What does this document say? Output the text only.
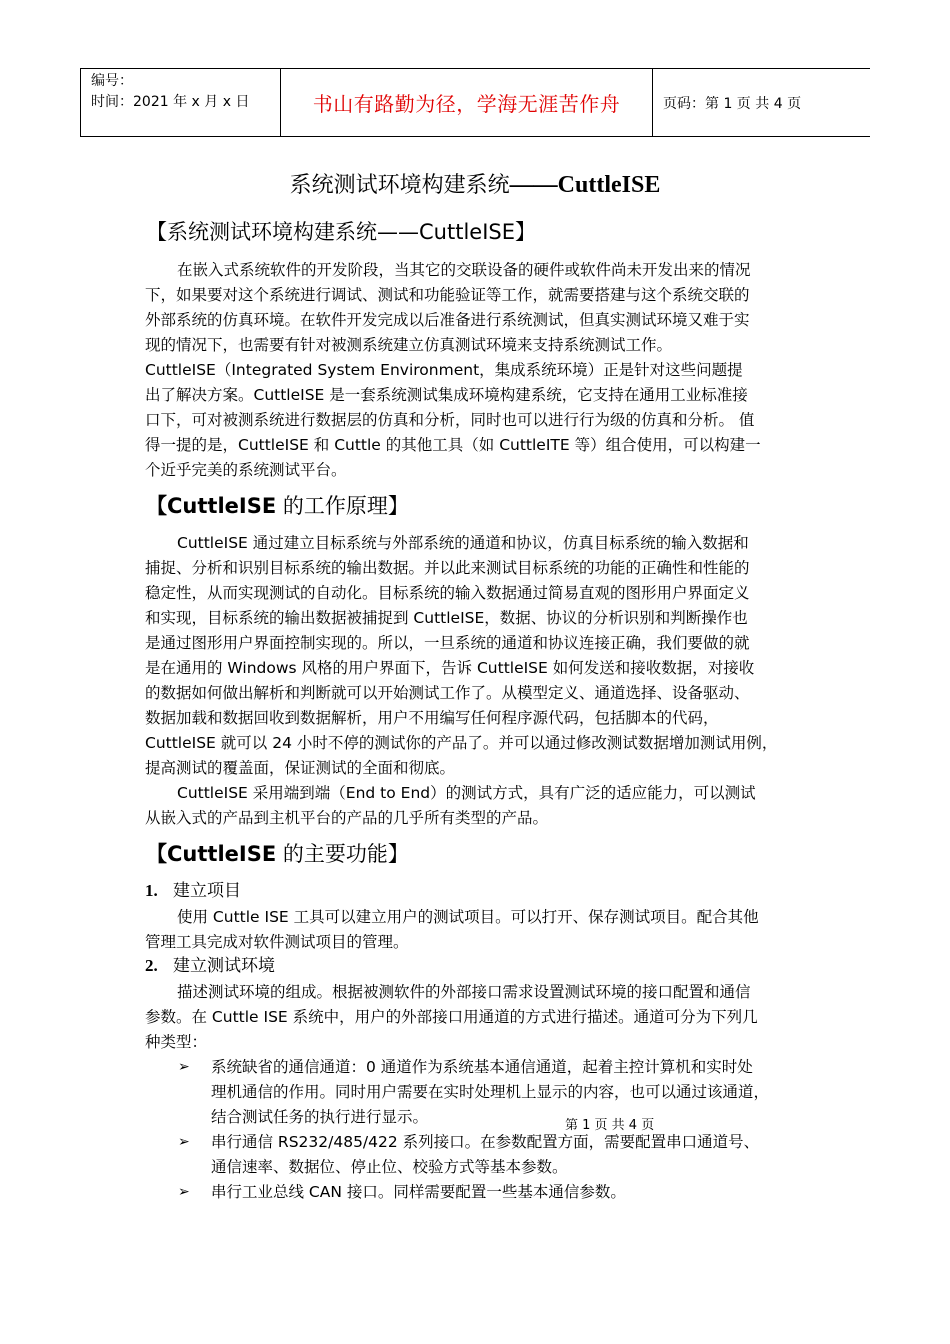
编号：
时间：2021 年 x 月 x 日	书山有路勤为径，学海无涯苦作舟	页码：第 1 页 共 4 页
系统测试环境构建系统——CuttleISE
【系统测试环境构建系统——CuttleISE】

在嵌入式系统软件的开发阶段，当其它的交联设备的硬件或软件尚未开发出来的情况

下，如果要对这个系统进行调试、测试和功能验证等工作，就需要搭建与这个系统交联的

外部系统的仿真环境。在软件开发完成以后准备进行系统测试，但真实测试环境又难于实

现的情况下，也需要有针对被测系统建立仿真测试环境来支持系统测试工作。

CuttleISE（Integrated System Environment，集成系统环境）正是针对这些问题提

出了解决方案。CuttleISE 是一套系统测试集成环境构建系统，它支持在通用工业标准接

口下，可对被测系统进行数据层的仿真和分析，同时也可以进行行为级的仿真和分析。 值

得一提的是，CuttleISE 和 Cuttle 的其他工具（如 CuttleITE 等）组合使用，可以构建一

个近乎完美的系统测试平台。

【CuttleISE 的工作原理】

CuttleISE 通过建立目标系统与外部系统的通道和协议，仿真目标系统的输入数据和

捕捉、分析和识别目标系统的输出数据。并以此来测试目标系统的功能的正确性和性能的

稳定性，从而实现测试的自动化。目标系统的输入数据通过简易直观的图形用户界面定义

和实现，目标系统的输出数据被捕捉到 CuttleISE，数据、协议的分析识别和判断操作也

是通过图形用户界面控制实现的。所以，一旦系统的通道和协议连接正确，我们要做的就

是在通用的 Windows 风格的用户界面下，告诉 CuttleISE 如何发送和接收数据，对接收

的数据如何做出解析和判断就可以开始测试工作了。从模型定义、通道选择、设备驱动、

数据加载和数据回收到数据解析，用户不用编写任何程序源代码，包括脚本的代码，

CuttleISE 就可以 24 小时不停的测试你的产品了。并可以通过修改测试数据增加测试用例，

提高测试的覆盖面，保证测试的全面和彻底。

CuttleISE 采用端到端（End to End）的测试方式，具有广泛的适应能力，可以测试

从嵌入式的产品到主机平台的产品的几乎所有类型的产品。

【CuttleISE 的主要功能】
1. 建立项目

使用 Cuttle ISE 工具可以建立用户的测试项目。可以打开、保存测试项目。配合其他

管理工具完成对软件测试项目的管理。

2. 建立测试环境

描述测试环境的组成。根据被测软件的外部接口需求设置测试环境的接口配置和通信

参数。在 Cuttle ISE 系统中，用户的外部接口用通道的方式进行描述。通道可分为下列几

种类型：

➢ 系统缺省的通信通道：0 通道作为系统基本通信通道，起着主控计算机和实时处
理机通信的作用。同时用户需要在实时处理机上显示的内容，也可以通过该通道，
结合测试任务的执行进行显示。	第 1 页 共 4 页
➢ 串行通信 RS232/485/422 系列接口。在参数配置方面，需要配置串口通道号、
通信速率、数据位、停止位、校验方式等基本参数。
➢ 串行工业总线 CAN 接口。同样需要配置一些基本通信参数。
